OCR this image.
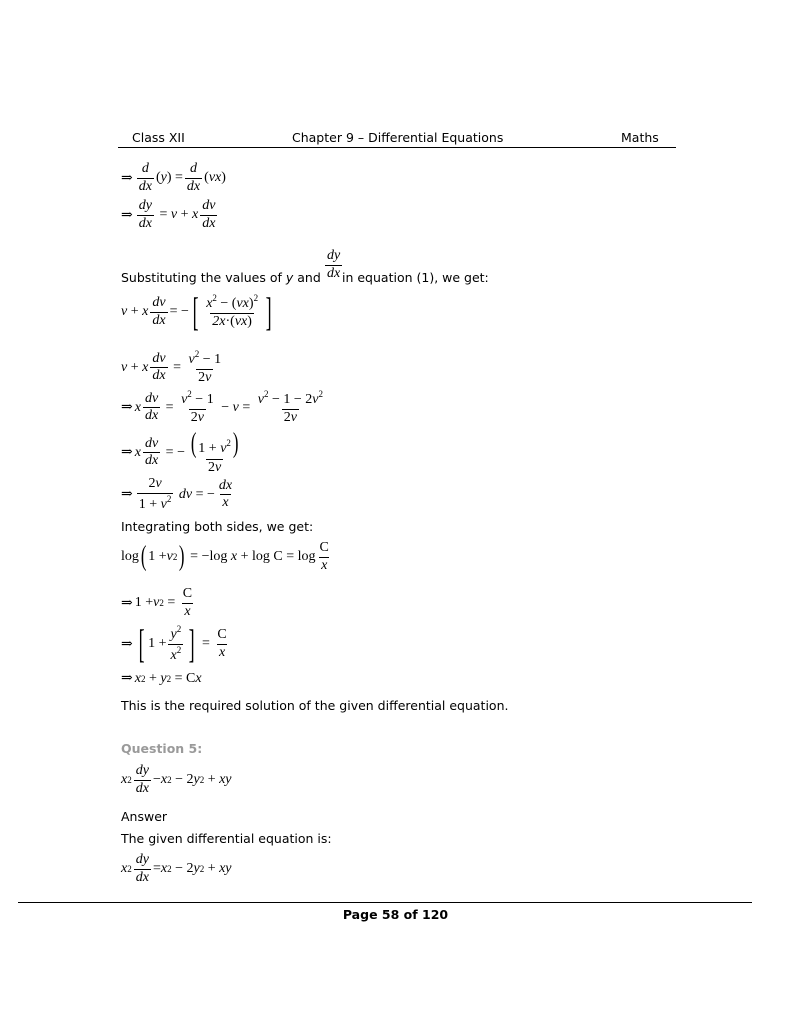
Class XII	Chapter 9 – Differential Equations	Maths
⇒ $\frac{d}{dx}$ ( y )
= $\frac{d}{dx}$ ( vx )
⇒ $\frac{dy}{dx} = v + x \frac{dv}{dx}$
Substituting the values of y and $\frac{dy}{dx}$ in equation (1), we get:
v + x $\frac{dv}{dx}$ = − [ $\frac{x^2 - (vx)^2}{2x\cdot(vx)}$ ]
v + x $\frac{dv}{dx} = \frac{v^2 - 1}{2v}$
⇒ x $\frac{dv}{dx} = \frac{v^2 - 1}{2v} - v = \frac{v^2 - 1 - 2v^2}{2v}$
⇒ x $\frac{dv}{dx}$ = − $\frac{( 1 + v^2)}{2v}$
⇒ $\frac{2v}{1 + v^2}$ dv = − $\frac{dx}{x}$
Integrating both sides, we get:
log ( 1 + v 2 ) = −log $x + \log C = \log \frac{C}{x}$
⇒ 1 + v $2 = \frac{C}{x}$
⇒ [ $1 + \frac{y^2}{x^2}$ ] = $\frac{C}{x}$
⇒ x 2 + y 2 = C x
This is the required solution of the given differential equation.
Question 5:
x $2 \frac{dy}{dx} - x$ 2 − 2 y 2 + xy
Answer
The given differential equation is:
x $2 \frac{dy}{dx} = x$ 2 − 2 y 2 + xy
Page 58 of 120
